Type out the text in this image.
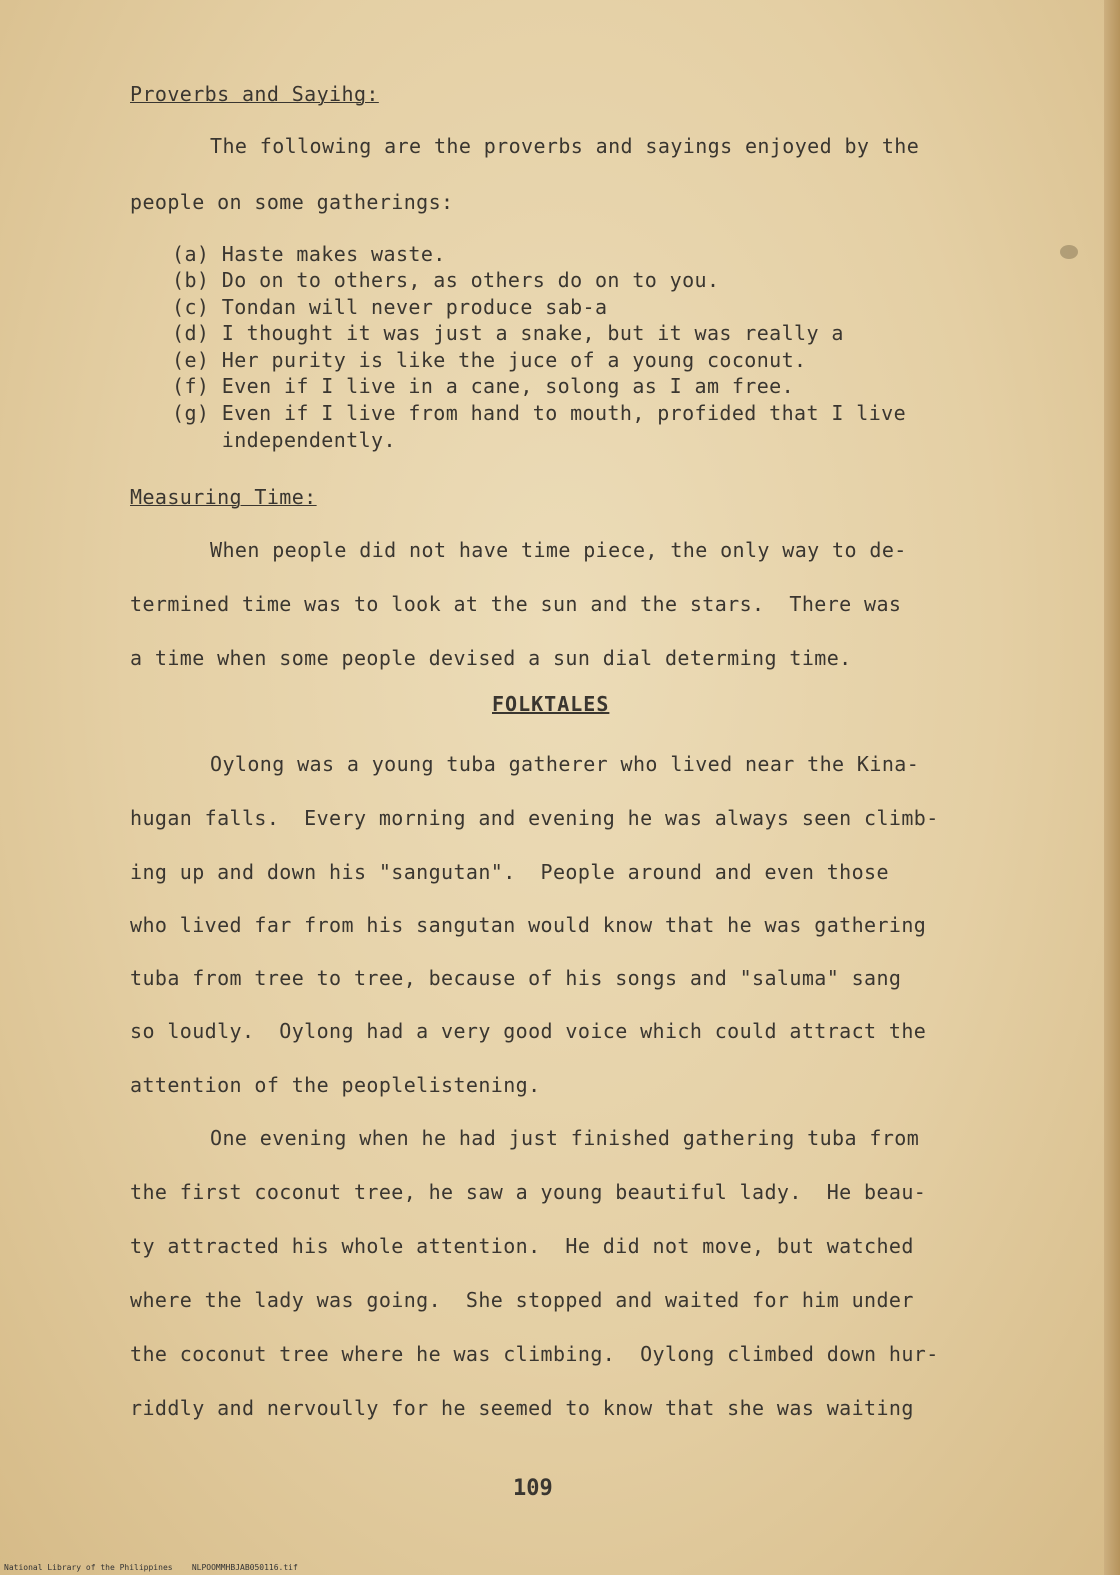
Proverbs and Sayihg:
The following are the proverbs and sayings enjoyed by the
people on some gatherings:
(a) Haste makes waste.
(b) Do on to others, as others do on to you.
(c) Tondan will never produce sab-a
(d) I thought it was just a snake, but it was really a
(e) Her purity is like the juce of a young coconut.
(f) Even if I live in a cane, solong as I am free.
(g) Even if I live from hand to mouth, profided that I live
independently.
Measuring Time:
When people did not have time piece, the only way to de-
termined time was to look at the sun and the stars.  There was
a time when some people devised a sun dial determing time.
FOLKTALES
Oylong was a young tuba gatherer who lived near the Kina-
hugan falls.  Every morning and evening he was always seen climb-
ing up and down his "sangutan".  People around and even those
who lived far from his sangutan would know that he was gathering
tuba from tree to tree, because of his songs and "saluma" sang
so loudly.  Oylong had a very good voice which could attract the
attention of the peoplelistening.
One evening when he had just finished gathering tuba from
the first coconut tree, he saw a young beautiful lady.  He beau-
ty attracted his whole attention.  He did not move, but watched
where the lady was going.  She stopped and waited for him under
the coconut tree where he was climbing.  Oylong climbed down hur-
riddly and nervoully for he seemed to know that she was waiting
109
National Library of the Philippines    NLPOOMMHBJAB050116.tif
